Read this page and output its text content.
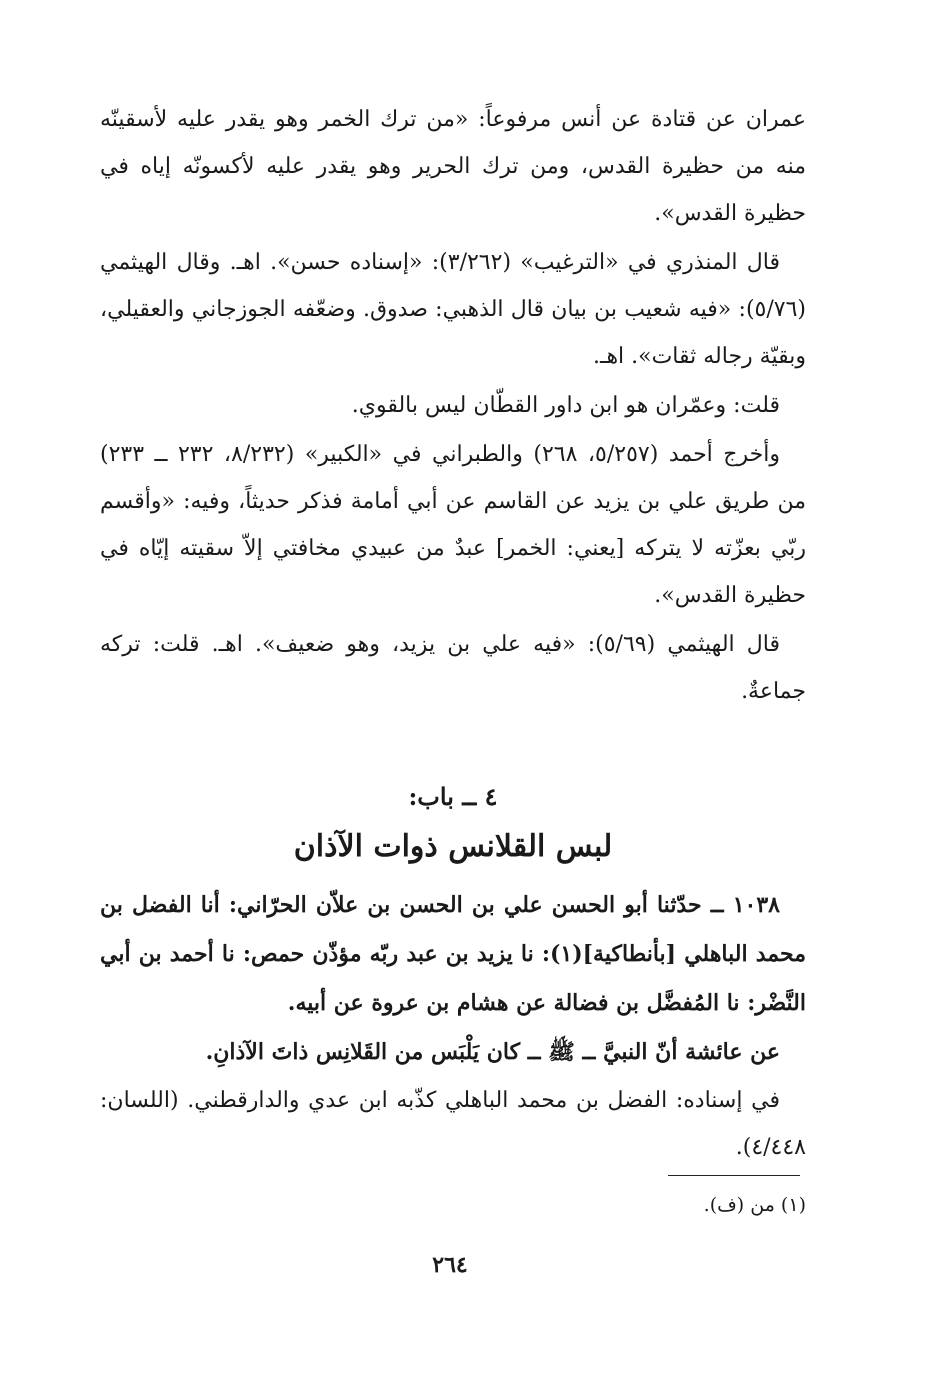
عمران عن قتادة عن أنس مرفوعاً: «من ترك الخمر وهو يقدر عليه لأسقينّه منه من حظيرة القدس، ومن ترك الحرير وهو يقدر عليه لأكسونّه إياه في حظيرة القدس».

قال المنذري في «الترغيب» (٣/٢٦٢): «إسناده حسن». اهـ. وقال الهيثمي (٥/٧٦): «فيه شعيب بن بيان قال الذهبي: صدوق. وضعّفه الجوزجاني والعقيلي، وبقيّة رجاله ثقات». اهـ.

قلت: وعمّران هو ابن داور القطّان ليس بالقوي.

وأخرج أحمد (٥/٢٥٧، ٢٦٨) والطبراني في «الكبير» (٨/٢٣٢، ٢٣٢ ــ ٢٣٣) من طريق علي بن يزيد عن القاسم عن أبي أمامة فذكر حديثاً، وفيه: «وأقسم ربّي بعزّته لا يتركه [يعني: الخمر] عبدٌ من عبيدي مخافتي إلاّ سقيته إيّاه في حظيرة القدس».

قال الهيثمي (٥/٦٩): «فيه علي بن يزيد، وهو ضعيف». اهـ. قلت: تركه جماعةٌ.

٤ ــ باب:

لبس القلانس ذوات الآذان

١٠٣٨ ــ حدّثنا أبو الحسن علي بن الحسن بن علاّن الحرّاني: أنا الفضل بن محمد الباهلي [بأنطاكية](١): نا يزيد بن عبد ربّه مؤذّن حمص: نا أحمد بن أبي النَّضْر: نا المُفضَّل بن فضالة عن هشام بن عروة عن أبيه.

عن عائشة أنّ النبيَّ ــ ﷺ ــ كان يَلْبَس من القَلانِس ذاتَ الآذانِ.

في إسناده: الفضل بن محمد الباهلي كذّبه ابن عدي والدارقطني. (اللسان: ٤/٤٤٨).

(١) من (ف).
٢٦٤
